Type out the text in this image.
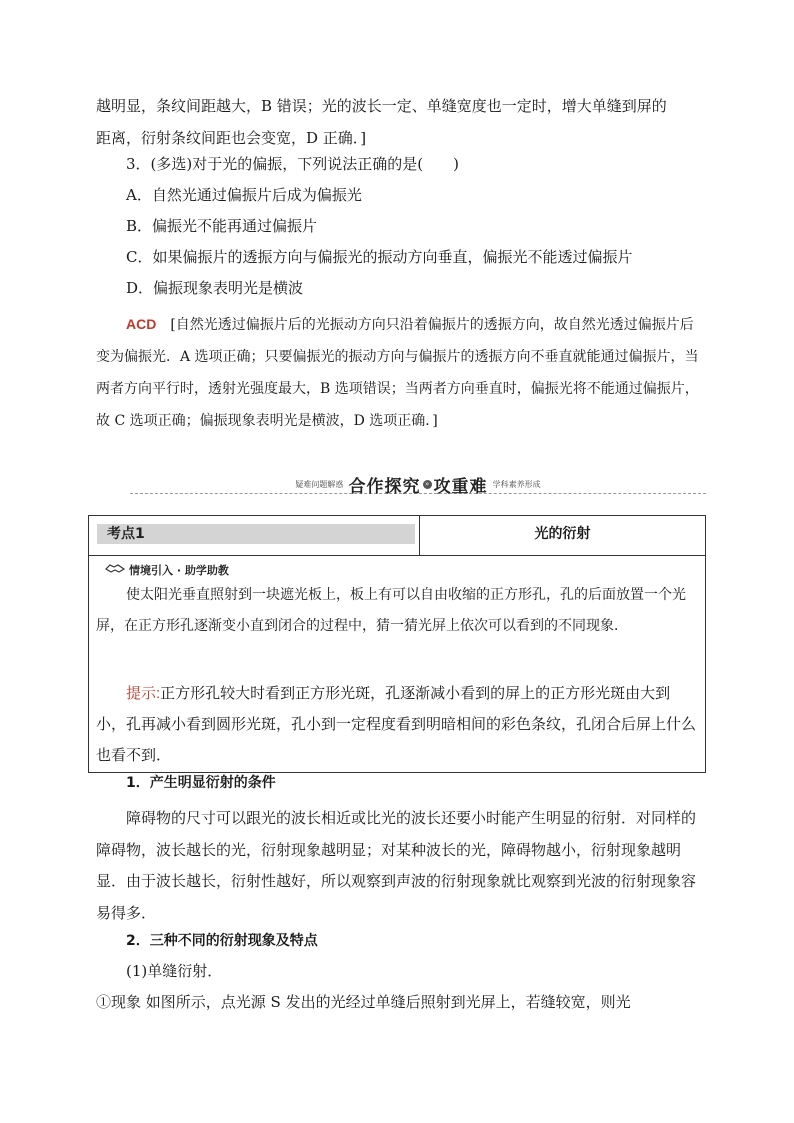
越明显，条纹间距越大，B 错误；光的波长一定、单缝宽度也一定时，增大单缝到屏的

距离，衍射条纹间距也会变宽，D 正确．]

3．(多选)对于光的偏振，下列说法正确的是(　　)

A．自然光通过偏振片后成为偏振光

B．偏振光不能再通过偏振片

C．如果偏振片的透振方向与偏振光的振动方向垂直，偏振光不能透过偏振片

D．偏振现象表明光是横波

ACD　 [自然光透过偏振片后的光振动方向只沿着偏振片的透振方向，故自然光透过偏振片后变为偏振光．A 选项正确；只要偏振光的振动方向与偏振片的透振方向不垂直就能通过偏振片，当两者方向平行时，透射光强度最大，B 选项错误；当两者方向垂直时，偏振光将不能通过偏振片，故 C 选项正确；偏振现象表明光是横波，D 选项正确．]

疑难问题解惑 合作探究 » 攻重难 学科素养形成
考点1	光的衍射
情境引入 · 助学助教

使太阳光垂直照射到一块遮光板上，板上有可以自由收缩的正方形孔，孔的后面放置一个光屏，在正方形孔逐渐变小直到闭合的过程中，猜一猜光屏上依次可以看到的不同现象．

提示:正方形孔较大时看到正方形光斑，孔逐渐减小看到的屏上的正方形光斑由大到小，孔再减小看到圆形光斑，孔小到一定程度看到明暗相间的彩色条纹，孔闭合后屏上什么也看不到．

1．产生明显衍射的条件

障碍物的尺寸可以跟光的波长相近或比光的波长还要小时能产生明显的衍射．对同样的障碍物，波长越长的光，衍射现象越明显；对某种波长的光，障碍物越小，衍射现象越明显．由于波长越长，衍射性越好，所以观察到声波的衍射现象就比观察到光波的衍射现象容易得多．

2．三种不同的衍射现象及特点

(1)单缝衍射．

①现象 如图所示，点光源 S 发出的光经过单缝后照射到光屏上，若缝较宽，则光
